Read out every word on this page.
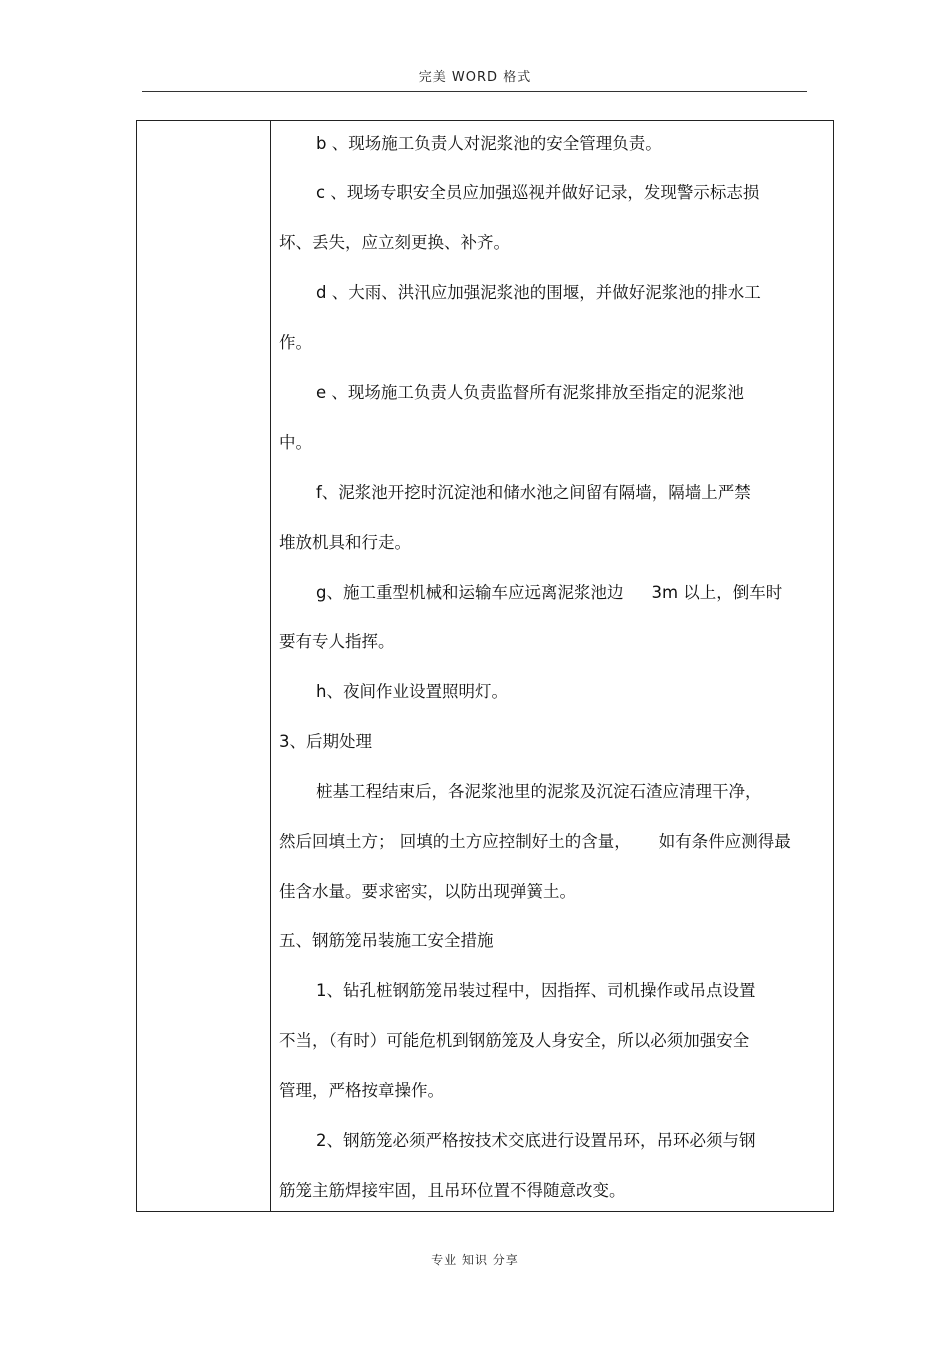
完美 WORD 格式
b 、现场施工负责人对泥浆池的安全管理负责。
c 、现场专职安全员应加强巡视并做好记录，发现警示标志损
坏、丢失，应立刻更换、补齐。
d 、大雨、洪汛应加强泥浆池的围堰，并做好泥浆池的排水工
作。
e 、现场施工负责人负责监督所有泥浆排放至指定的泥浆池
中。
f、泥浆池开挖时沉淀池和储水池之间留有隔墙，隔墙上严禁
堆放机具和行走。
g、施工重型机械和运输车应远离泥浆池边 3m 以上，倒车时
要有专人指挥。
h、夜间作业设置照明灯。
3、后期处理
桩基工程结束后，各泥浆池里的泥浆及沉淀石渣应清理干净，
然后回填土方； 回填的土方应控制好土的含量， 如有条件应测得最
佳含水量。要求密实，以防出现弹簧土。
五、钢筋笼吊装施工安全措施
1、钻孔桩钢筋笼吊装过程中，因指挥、司机操作或吊点设置
不当，（有时）可能危机到钢筋笼及人身安全，所以必须加强安全
管理，严格按章操作。
2、钢筋笼必须严格按技术交底进行设置吊环，吊环必须与钢
筋笼主筋焊接牢固，且吊环位置不得随意改变。
专业 知识 分享
